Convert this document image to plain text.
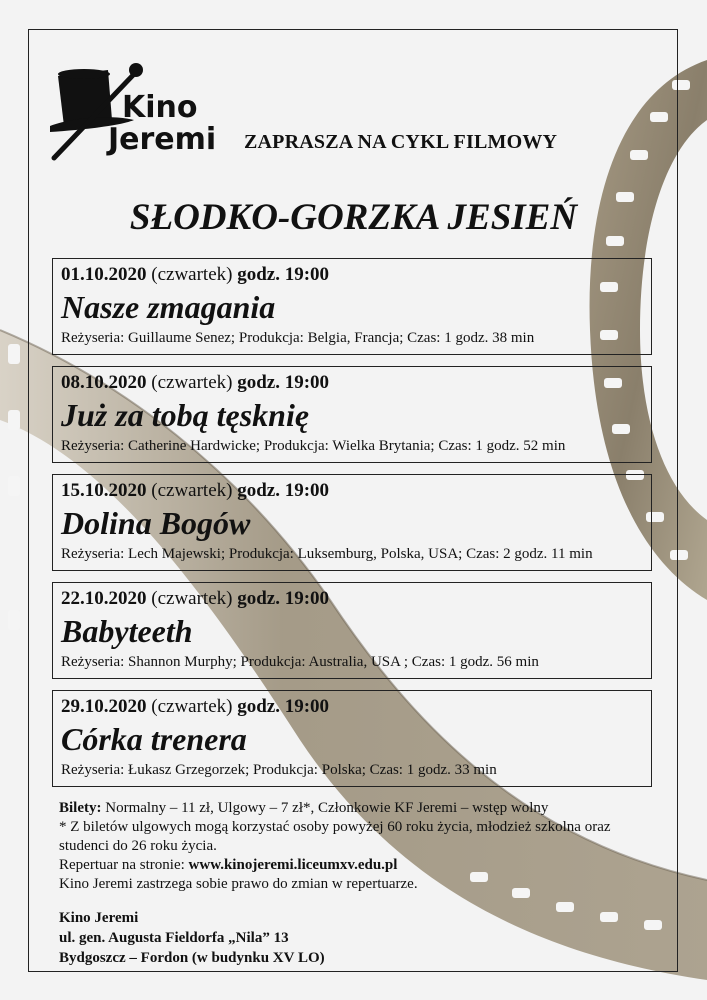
Kino
Jeremi ZAPRASZA NA CYKL FILMOWY
SŁODKO-GORZKA JESIEŃ
01.10.2020 (czwartek) godz. 19:00
Nasze zmagania
Reżyseria: Guillaume Senez; Produkcja: Belgia, Francja; Czas: 1 godz. 38 min
08.10.2020 (czwartek) godz. 19:00
Już za tobą tęsknię
Reżyseria: Catherine Hardwicke; Produkcja: Wielka Brytania; Czas: 1 godz. 52 min
15.10.2020 (czwartek) godz. 19:00
Dolina Bogów
Reżyseria: Lech Majewski; Produkcja: Luksemburg, Polska, USA; Czas: 2 godz. 11 min
22.10.2020 (czwartek) godz. 19:00
Babyteeth
Reżyseria: Shannon Murphy; Produkcja: Australia, USA ; Czas: 1 godz. 56 min
29.10.2020 (czwartek) godz. 19:00
Córka trenera
Reżyseria: Łukasz Grzegorzek; Produkcja: Polska; Czas: 1 godz. 33 min

Bilety: Normalny – 11 zł, Ulgowy – 7 zł*, Członkowie KF Jeremi – wstęp wolny

* Z biletów ulgowych mogą korzystać osoby powyżej 60 roku życia, młodzież szkolna oraz studenci do 26 roku życia.

Repertuar na stronie: www.kinojeremi.liceumxv.edu.pl

Kino Jeremi zastrzega sobie prawo do zmian w repertuarze.

Kino Jeremi
ul. gen. Augusta Fieldorfa „Nila” 13
Bydgoszcz – Fordon (w budynku XV LO)
